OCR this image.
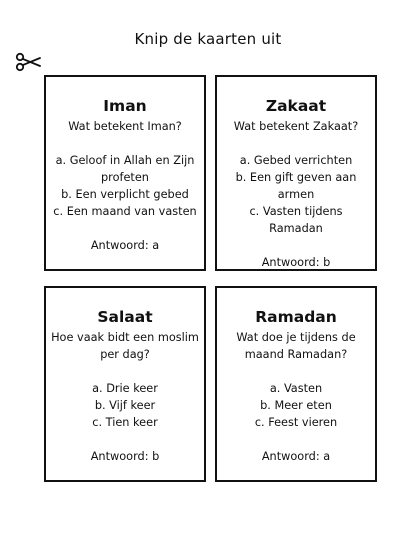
Knip de kaarten uit
Iman
Wat betekent Iman?
a. Geloof in Allah en Zijn profeten
b. Een verplicht gebed
c. Een maand van vasten
Antwoord: a
Zakaat
Wat betekent Zakaat?
a. Gebed verrichten
b. Een gift geven aan armen
c. Vasten tijdens Ramadan
Antwoord: b
Salaat
Hoe vaak bidt een moslim per dag?
a. Drie keer
b. Vijf keer
c. Tien keer
Antwoord: b
Ramadan
Wat doe je tijdens de maand Ramadan?
a. Vasten
b. Meer eten
c. Feest vieren
Antwoord: a
